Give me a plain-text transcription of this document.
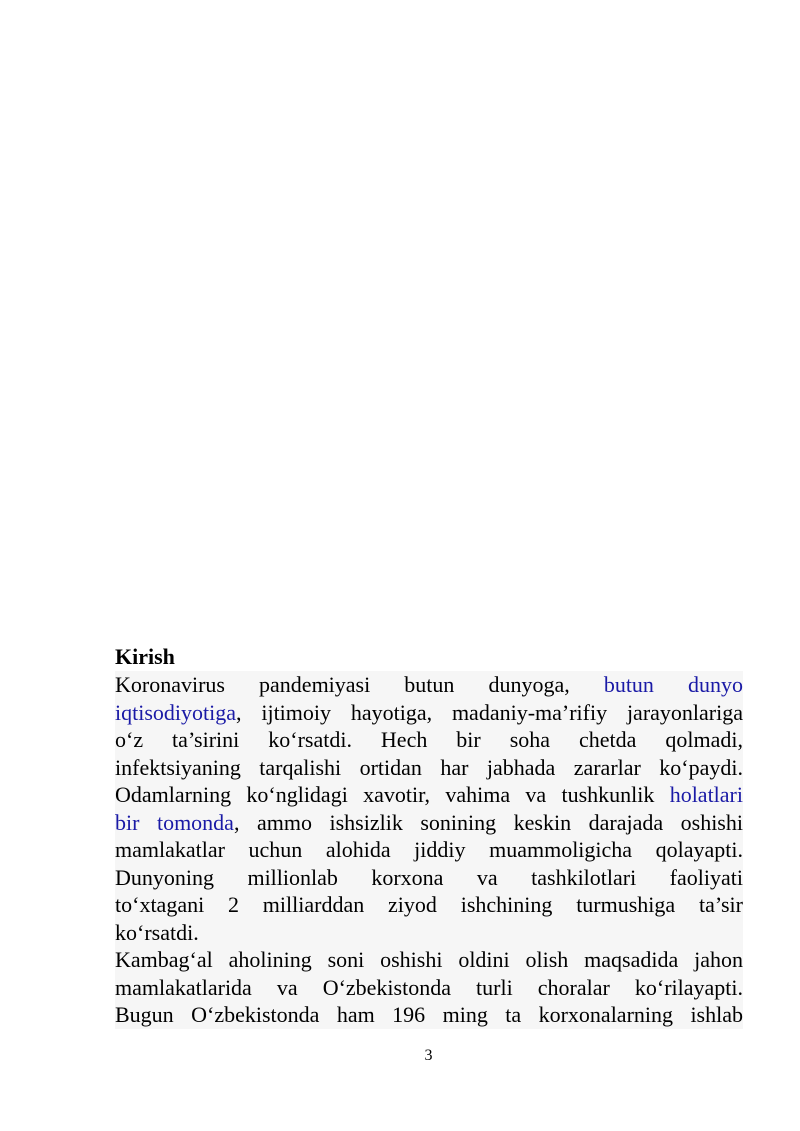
Kirish

Koronavirus pandemiyasi butun dunyoga, butun dunyo
iqtisodiyotiga, ijtimoiy hayotiga, madaniy-ma’rifiy jarayonlariga
o‘z ta’sirini ko‘rsatdi. Hech bir soha chetda qolmadi,
infektsiyaning tarqalishi ortidan har jabhada zararlar ko‘paydi.
Odamlarning ko‘nglidagi xavotir, vahima va tushkunlik holatlari
bir tomonda, ammo ishsizlik sonining keskin darajada oshishi
mamlakatlar uchun alohida jiddiy muammoligicha qolayapti.
Dunyoning millionlab korxona va tashkilotlari faoliyati
to‘xtagani 2 milliarddan ziyod ishchining turmushiga ta’sir
ko‘rsatdi.

Kambag‘al aholining soni oshishi oldini olish maqsadida jahon
mamlakatlarida va O‘zbekistonda turli choralar ko‘rilayapti.
Bugun O‘zbekistonda ham 196 ming ta korxonalarning ishlab

3
